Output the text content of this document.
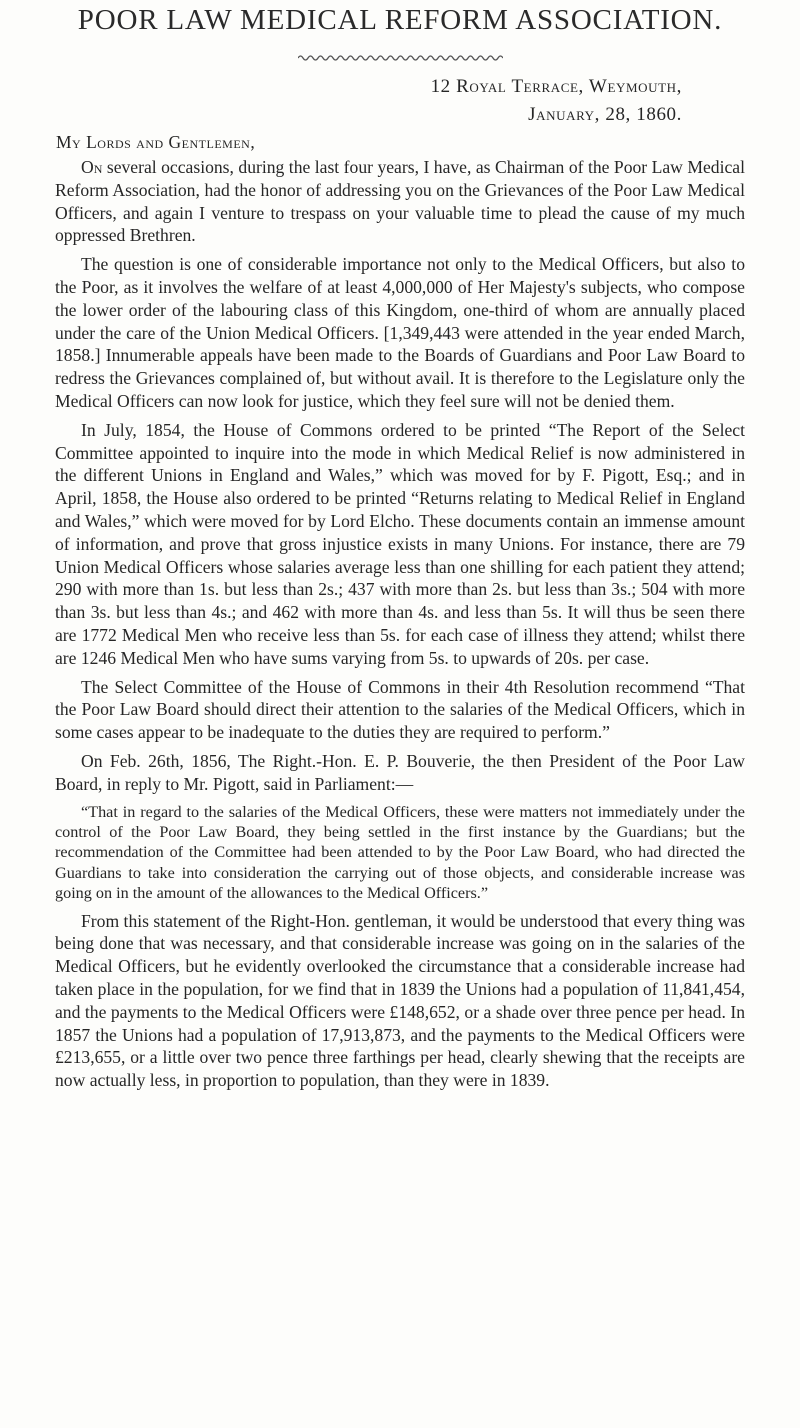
POOR LAW MEDICAL REFORM ASSOCIATION.
12 Royal Terrace, Weymouth,

January, 28, 1860.
My Lords and Gentlemen,

On several occasions, during the last four years, I have, as Chairman of the Poor Law Medical Reform Association, had the honor of addressing you on the Grievances of the Poor Law Medical Officers, and again I venture to trespass on your valuable time to plead the cause of my much oppressed Brethren.

The question is one of considerable importance not only to the Medical Officers, but also to the Poor, as it involves the welfare of at least 4,000,000 of Her Majesty's subjects, who compose the lower order of the labouring class of this Kingdom, one-third of whom are annually placed under the care of the Union Medical Officers. [1,349,443 were attended in the year ended March, 1858.] Innumerable appeals have been made to the Boards of Guardians and Poor Law Board to redress the Grievances complained of, but without avail. It is therefore to the Legislature only the Medical Officers can now look for justice, which they feel sure will not be denied them.

In July, 1854, the House of Commons ordered to be printed “The Report of the Select Committee appointed to inquire into the mode in which Medical Relief is now administered in the different Unions in England and Wales,” which was moved for by F. Pigott, Esq.; and in April, 1858, the House also ordered to be printed “Returns relating to Medical Relief in England and Wales,” which were moved for by Lord Elcho. These documents contain an immense amount of information, and prove that gross injustice exists in many Unions. For instance, there are 79 Union Medical Officers whose salaries average less than one shilling for each patient they attend; 290 with more than 1s. but less than 2s.; 437 with more than 2s. but less than 3s.; 504 with more than 3s. but less than 4s.; and 462 with more than 4s. and less than 5s. It will thus be seen there are 1772 Medical Men who receive less than 5s. for each case of illness they attend; whilst there are 1246 Medical Men who have sums varying from 5s. to upwards of 20s. per case.

The Select Committee of the House of Commons in their 4th Resolution recommend “That the Poor Law Board should direct their attention to the salaries of the Medical Officers, which in some cases appear to be inadequate to the duties they are required to perform.”

On Feb. 26th, 1856, The Right.-Hon. E. P. Bouverie, the then President of the Poor Law Board, in reply to Mr. Pigott, said in Parliament:—

“That in regard to the salaries of the Medical Officers, these were matters not immediately under the control of the Poor Law Board, they being settled in the first instance by the Guardians; but the recommendation of the Committee had been attended to by the Poor Law Board, who had directed the Guardians to take into consideration the carrying out of those objects, and considerable increase was going on in the amount of the allowances to the Medical Officers.”

From this statement of the Right-Hon. gentleman, it would be understood that every thing was being done that was necessary, and that considerable increase was going on in the salaries of the Medical Officers, but he evidently overlooked the circumstance that a considerable increase had taken place in the population, for we find that in 1839 the Unions had a population of 11,841,454, and the payments to the Medical Officers were £148,652, or a shade over three pence per head. In 1857 the Unions had a population of 17,913,873, and the payments to the Medical Officers were £213,655, or a little over two pence three farthings per head, clearly shewing that the receipts are now actually less, in proportion to population, than they were in 1839.
